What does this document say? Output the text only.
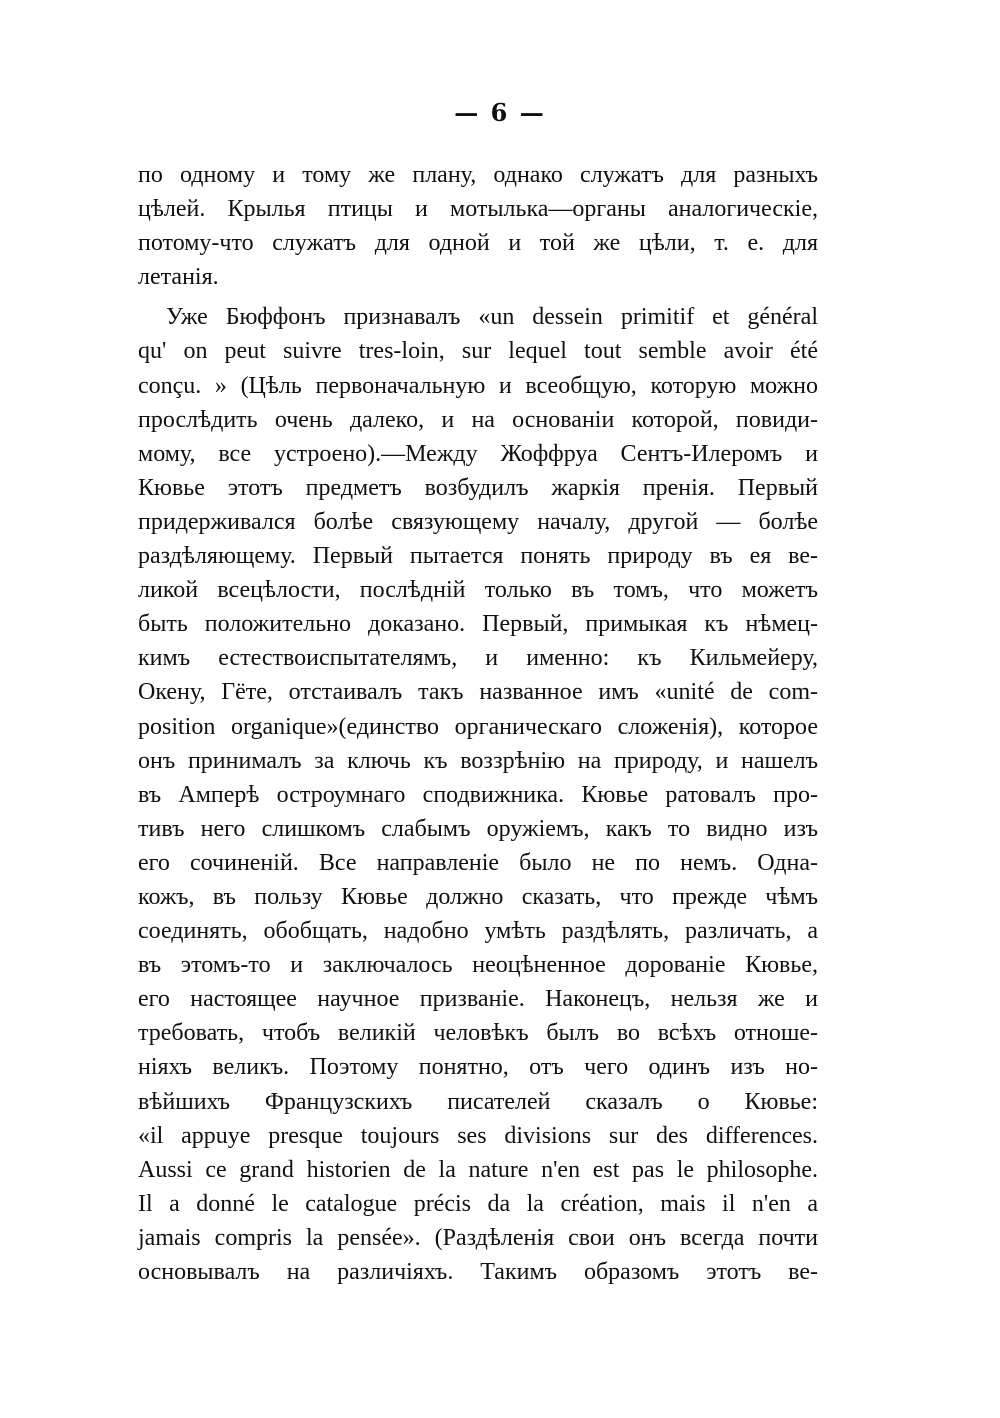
— 6 —
по одному и тому же плану, однако служатъ для разныхъ
цѣлей. Крылья птицы и мотылька—органы аналогическіе,
потому-что служатъ для одной и той же цѣли, т. е. для
летанія.
Уже Бюффонъ признавалъ «un dessein primitif et général
qu' on peut suivre tres-loin, sur lequel tout semble avoir été
conçu. » (Цѣль первоначальную и всеобщую, которую можно
прослѣдить очень далеко, и на основаніи которой, повиди-
мому, все устроено).—Между Жоффруа Сентъ-Илеромъ и
Кювье этотъ предметъ возбудилъ жаркія пренія. Первый
придерживался болѣе связующему началу, другой — болѣе
раздѣляющему. Первый пытается понять природу въ ея ве-
ликой всецѣлости, послѣдній только въ томъ, что можетъ
быть положительно доказано. Первый, примыкая къ нѣмец-
кимъ естествоиспытателямъ, и именно: къ Кильмейеру,
Окену, Гёте, отстаивалъ такъ названное имъ «unité de com-
position organique»(единство органическаго сложенія), которое
онъ принималъ за ключь къ воззрѣнію на природу, и нашелъ
въ Амперѣ остроумнаго сподвижника. Кювье ратовалъ про-
тивъ него слишкомъ слабымъ оружіемъ, какъ то видно изъ
его сочиненій. Все направленіе было не по немъ. Одна-
кожъ, въ пользу Кювье должно сказать, что прежде чѣмъ
соединять, обобщать, надобно умѣть раздѣлять, различать, а
въ этомъ-то и заключалось неоцѣненное дорованіе Кювье,
его настоящее научное призваніе. Наконецъ, нельзя же и
требовать, чтобъ великій человѣкъ былъ во всѣхъ отноше-
ніяхъ великъ. Поэтому понятно, отъ чего одинъ изъ но-
вѣйшихъ Французскихъ писателей сказалъ о Кювье:
«il appuye presque toujours ses divisions sur des differences.
Aussi ce grand historien de la nature n'en est pas le philosophe.
Il a donné le catalogue précis da la création, mais il n'en a
jamais compris la pensée». (Раздѣленія свои онъ всегда почти
основывалъ на различіяхъ. Такимъ образомъ этотъ ве-
